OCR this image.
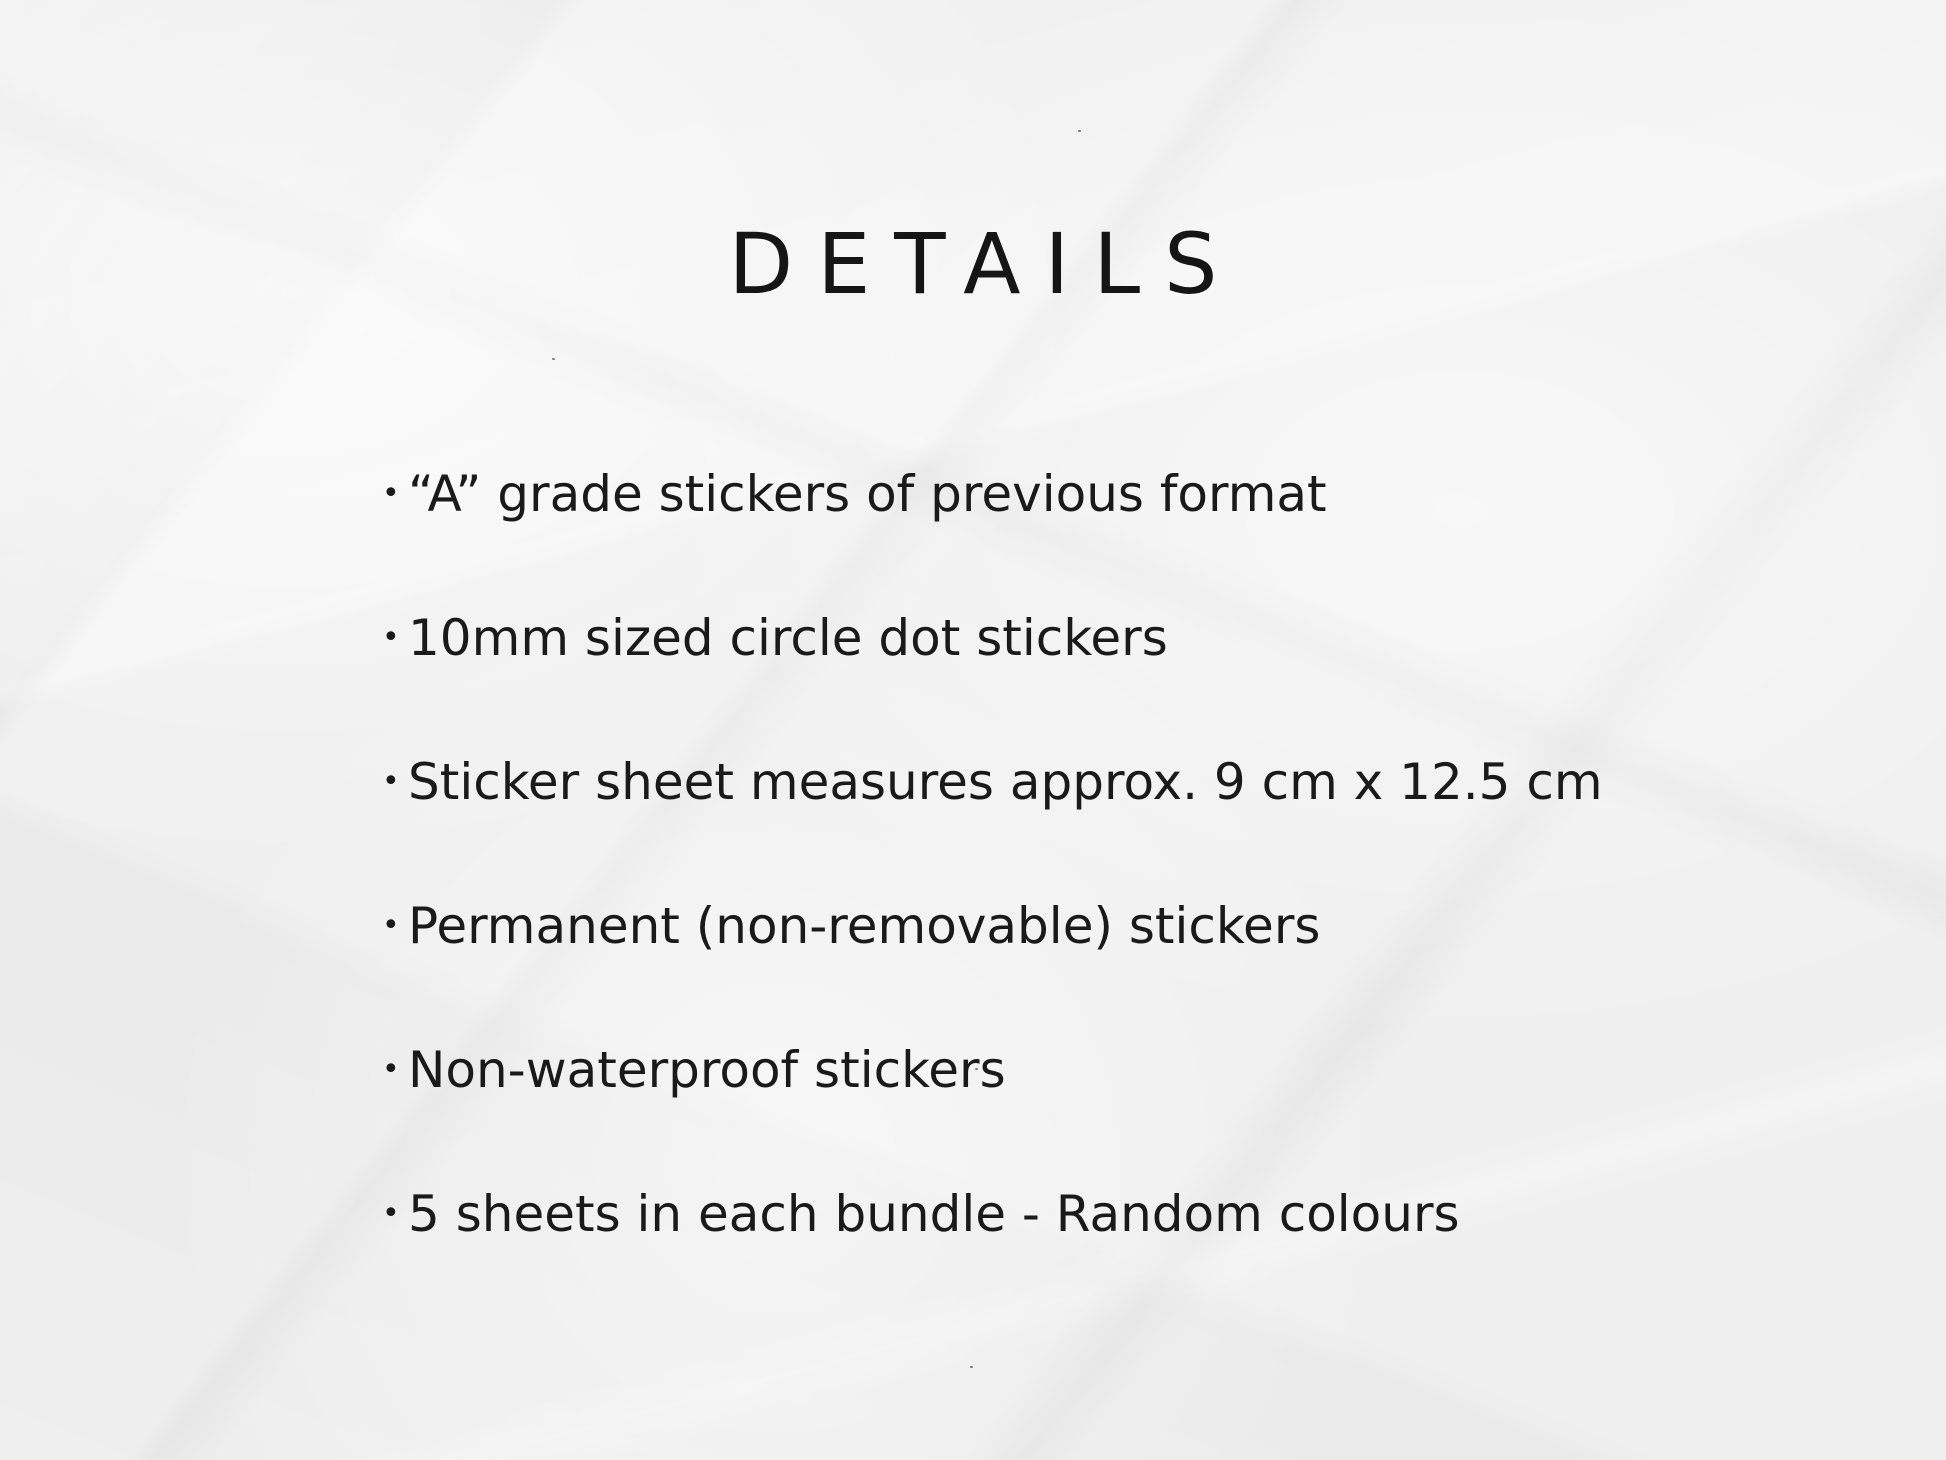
DETAILS
• “A” grade stickers of previous format
• 10mm sized circle dot stickers
• Sticker sheet measures approx. 9 cm x 12.5 cm
• Permanent (non-removable) stickers
• Non-waterproof stickers
• 5 sheets in each bundle - Random colours
